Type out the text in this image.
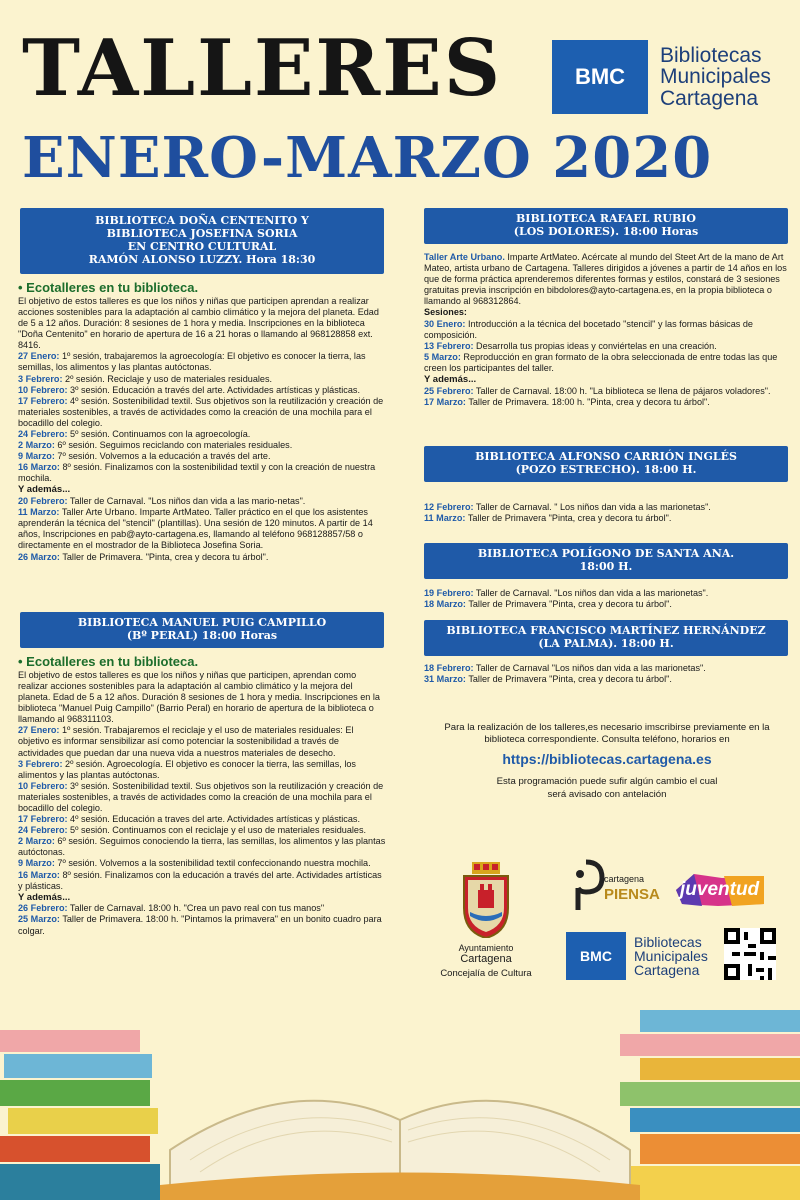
TALLERES
ENERO-MARZO 2020
BMC
Bibliotecas
Municipales
Cartagena
BIBLIOTECA DOÑA CENTENITO Y
BIBLIOTECA JOSEFINA SORIA
EN CENTRO CULTURAL
RAMÓN ALONSO LUZZY. Hora 18:30

• Ecotalleres en tu biblioteca.

El objetivo de estos talleres es que los niños y niñas que participen aprendan a realizar acciones sostenibles para la adaptación al cambio climático y la mejora del planeta. Edad de 5 a 12 años. Duración: 8 sesiones de 1 hora y media. Inscripciones en la biblioteca "Doña Centenito" en horario de apertura de 16 a 21 horas o llamando al 968128858 ext. 8416.

27 Enero: 1º sesión, trabajaremos la agroecología: El objetivo es conocer la tierra, las semillas, los alimentos y las plantas autóctonas.

3 Febrero: 2º sesión. Reciclaje y uso de materiales residuales.

10 Febrero: 3º sesión. Educación a través del arte. Actividades artísticas y plásticas.

17 Febrero: 4º sesión. Sostenibilidad textil. Sus objetivos son la reutilización y creación de materiales sostenibles, a través de actividades como la creación de una mochila para el bocadillo del colegio.

24 Febrero: 5º sesión. Continuamos con la agroecología.

2 Marzo: 6º sesión. Seguimos reciclando con materiales residuales.

9 Marzo: 7º sesión. Volvemos a la educación a través del arte.

16 Marzo: 8º sesión. Finalizamos con la sostenibilidad textil y con la creación de nuestra mochila.

Y además...

20 Febrero: Taller de Carnaval. "Los niños dan vida a las mario-netas".

11 Marzo: Taller Arte Urbano. Imparte ArtMateo. Taller práctico en el que los asistentes aprenderán la técnica del "stencil" (plantillas). Una sesión de 120 minutos. A partir de 14 años, Inscripciones en pab@ayto-cartagena.es, llamando al teléfono 968128857/58 o directamente en el mostrador de la Biblioteca Josefina Soria.

26 Marzo: Taller de Primavera. "Pinta, crea y decora tu árbol".

BIBLIOTECA MANUEL PUIG CAMPILLO
(Bº PERAL) 18:00 Horas

• Ecotalleres en tu biblioteca.

El objetivo de estos talleres es que los niños y niñas que participen, aprendan como realizar acciones sostenibles para la adaptación al cambio climático y la mejora del planeta. Edad de 5 a 12 años. Duración 8 sesiones de 1 hora y media. Inscripciones en la biblioteca "Manuel Puig Campillo" (Barrio Peral) en horario de apertura de la biblioteca o llamando al 968311103.

27 Enero: 1º sesión. Trabajaremos el reciclaje y el uso de materiales residuales: El objetivo es informar sensibilizar así como potenciar la sostenibilidad a través de actividades que puedan dar una nueva vida a nuestros materiales de desecho.

3 Febrero: 2º sesión. Agroecología. El objetivo es conocer la tierra, las semillas, los alimentos y las plantas autóctonas.

10 Febrero: 3º sesión. Sostenibilidad textil. Sus objetivos son la reutilización y creación de materiales sostenibles, a través de actividades como la creación de una mochila para el bocadillo del colegio.

17 Febrero: 4º sesión. Educación a traves del arte. Actividades artísticas y plásticas.

24 Febrero: 5º sesión. Continuamos con el reciclaje y el uso de materiales residuales.

2 Marzo: 6º sesión. Seguimos conociendo la tierra, las semillas, los alimentos y las plantas autóctonas.

9 Marzo: 7º sesión. Volvemos a la sostenibilidad textil confeccionando nuestra mochila.

16 Marzo: 8º sesión. Finalizamos con la educación a través del arte. Actividades artísticas y plásticas.

Y además...

26 Febrero: Taller de Carnaval. 18:00 h. "Crea un pavo real con tus manos"

25 Marzo: Taller de Primavera. 18:00 h. "Pintamos la primavera" en un bonito cuadro para colgar.

BIBLIOTECA RAFAEL RUBIO
(LOS DOLORES). 18:00 Horas

Taller Arte Urbano. Imparte ArtMateo. Acércate al mundo del Steet Art de la mano de Art Mateo, artista urbano de Cartagena. Talleres dirigidos a jóvenes a partir de 14 años en los que de forma práctica aprenderemos diferentes formas y estilos, constará de 3 sesiones gratuitas previa inscripción en bibdolores@ayto-cartagena.es, en la propia biblioteca o llamando al 968312864.

Sesiones:

30 Enero: Introducción a la técnica del bocetado "stencil" y las formas básicas de composición.

13 Febrero: Desarrolla tus propias ideas y conviértelas en una creación.

5 Marzo: Reproducción en gran formato de la obra seleccionada de entre todas las que creen los participantes del taller.

Y además...

25 Febrero: Taller de Carnaval. 18:00 h. "La biblioteca se llena de pájaros voladores".

17 Marzo: Taller de Primavera. 18:00 h. "Pinta, crea y decora tu árbol".

BIBLIOTECA ALFONSO CARRIÓN INGLÉS
(POZO ESTRECHO). 18:00 H.

12 Febrero: Taller de Carnaval. " Los niños dan vida a las marionetas".

11 Marzo: Taller de Primavera "Pinta, crea y decora tu árbol".

BIBLIOTECA POLÍGONO DE SANTA ANA.
18:00 H.

19 Febrero: Taller de Carnaval. "Los niños dan vida a las marionetas".

18 Marzo: Taller de Primavera "Pinta, crea y decora tu árbol".

BIBLIOTECA FRANCISCO MARTÍNEZ HERNÁNDEZ
(LA PALMA). 18:00 H.

18 Febrero: Taller de Carnaval "Los niños dan vida a las marionetas".

31 Marzo: Taller de Primavera "Pinta, crea y decora tu árbol".

Para la realización de los talleres,es necesario imscribirse previamente en la

biblioteca correspondiente. Consulta teléfono, horarios en

https://bibliotecas.cartagena.es

Esta programación puede sufir algún cambio el cual

será avisado con antelación

Ayuntamiento
Cartagena
Concejalía de Cultura
cartagena
PIENSA juventud
BMC
Bibliotecas
Municipales
Cartagena
